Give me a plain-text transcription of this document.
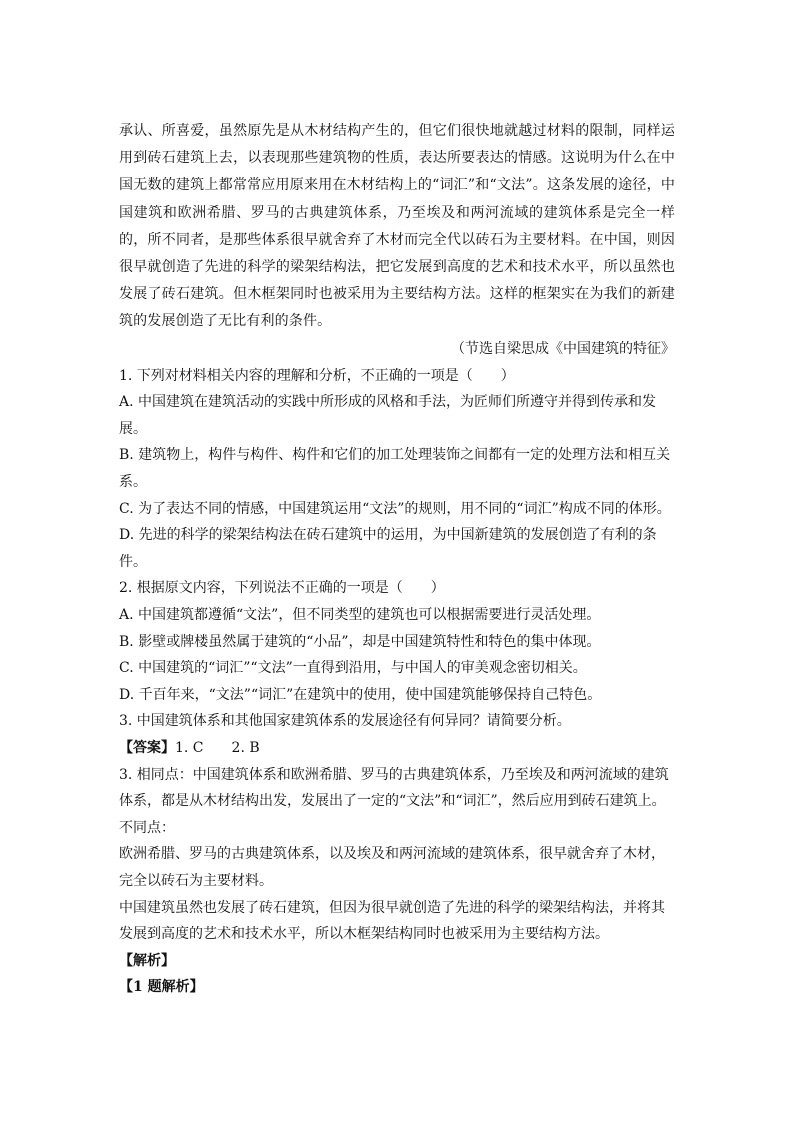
承认、所喜爱，虽然原先是从木材结构产生的，但它们很快地就越过材料的限制，同样运用到砖石建筑上去，以表现那些建筑物的性质，表达所要表达的情感。这说明为什么在中国无数的建筑上都常常应用原来用在木材结构上的“词汇”和“文法”。这条发展的途径，中国建筑和欧洲希腊、罗马的古典建筑体系，乃至埃及和两河流域的建筑体系是完全一样的，所不同者，是那些体系很早就舍弃了木材而完全代以砖石为主要材料。在中国，则因很早就创造了先进的科学的梁架结构法，把它发展到高度的艺术和技术水平，所以虽然也发展了砖石建筑。但木框架同时也被采用为主要结构方法。这样的框架实在为我们的新建筑的发展创造了无比有利的条件。

（节选自梁思成《中国建筑的特征》

1. 下列对材料相关内容的理解和分析，不正确的一项是（　　）

A. 中国建筑在建筑活动的实践中所形成的风格和手法，为匠师们所遵守并得到传承和发展。

B. 建筑物上，构件与构件、构件和它们的加工处理装饰之间都有一定的处理方法和相互关系。

C. 为了表达不同的情感，中国建筑运用“文法”的规则，用不同的“词汇”构成不同的体形。

D. 先进的科学的梁架结构法在砖石建筑中的运用，为中国新建筑的发展创造了有利的条件。

2. 根据原文内容，下列说法不正确的一项是（　　）

A. 中国建筑都遵循“文法”，但不同类型的建筑也可以根据需要进行灵活处理。

B. 影壁或牌楼虽然属于建筑的“小品”，却是中国建筑特性和特色的集中体现。

C. 中国建筑的“词汇”“文法”一直得到沿用，与中国人的审美观念密切相关。

D. 千百年来，“文法”“词汇”在建筑中的使用，使中国建筑能够保持自己特色。

3. 中国建筑体系和其他国家建筑体系的发展途径有何异同？请简要分析。

【答案】1. C 2. B

3. 相同点：中国建筑体系和欧洲希腊、罗马的古典建筑体系，乃至埃及和两河流域的建筑体系，都是从木材结构出发，发展出了一定的“文法”和“词汇”，然后应用到砖石建筑上。

不同点：

欧洲希腊、罗马的古典建筑体系，以及埃及和两河流域的建筑体系，很早就舍弃了木材，完全以砖石为主要材料。

中国建筑虽然也发展了砖石建筑，但因为很早就创造了先进的科学的梁架结构法，并将其发展到高度的艺术和技术水平，所以木框架结构同时也被采用为主要结构方法。

【解析】

【1 题解析】
